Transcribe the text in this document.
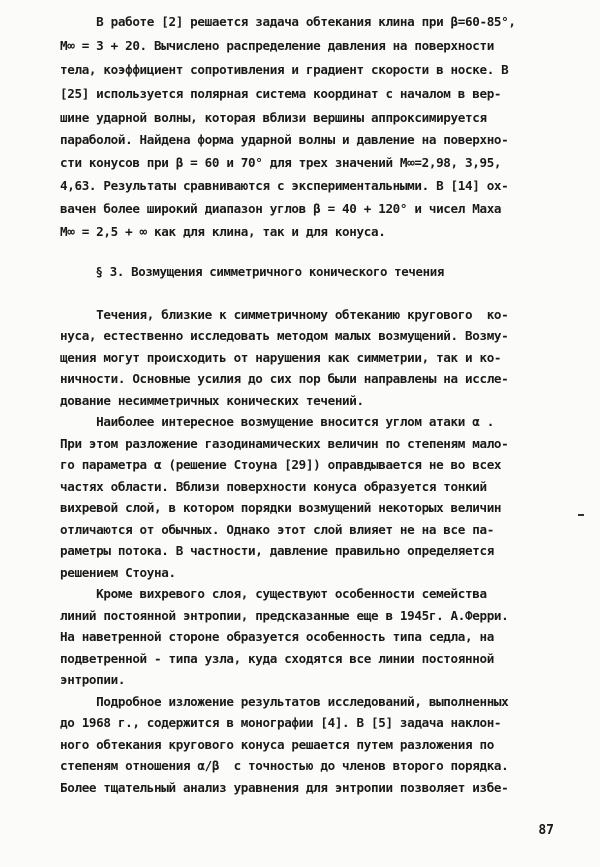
В работе [2] решается задача обтекания клина при β=60-85°,
M∞ = 3 + 20. Вычислено распределение давления на поверхности
тела, коэффициент сопротивления и градиент скорости в носке. В
[25] используется полярная система координат с началом в вер-
шине ударной волны, которая вблизи вершины аппроксимируется
параболой. Найдена форма ударной волны и давление на поверхно-
сти конусов при β = 60 и 70° для трех значений M∞=2,98, 3,95,
4,63. Результаты сравниваются с экспериментальными. В [14] ох-
вачен более широкий диапазон углов β = 40 + 120° и чисел Маха
M∞ = 2,5 + ∞ как для клина, так и для конуса.
§ 3. Возмущения симметричного конического течения
Течения, близкие к симметричному обтеканию кругового  ко-
нуса, естественно исследовать методом малых возмущений. Возму-
щения могут происходить от нарушения как симметрии, так и ко-
ничности. Основные усилия до сих пор были направлены на иссле-
дование несимметричных конических течений.
Наиболее интересное возмущение вносится углом атаки α .
При этом разложение газодинамических величин по степеням мало-
го параметра α (решение Стоуна [29]) оправдывается не во всех
частях области. Вблизи поверхности конуса образуется тонкий
вихревой слой, в котором порядки возмущений некоторых величин
отличаются от обычных. Однако этот слой влияет не на все па-
раметры потока. В частности, давление правильно определяется
решением Стоуна.
Кроме вихревого слоя, существуют особенности семейства
линий постоянной энтропии, предсказанные еще в 1945г. А.Ферри.
На наветренной стороне образуется особенность типа седла, на
подветренной - типа узла, куда сходятся все линии постоянной
энтропии.
Подробное изложение результатов исследований, выполненных
до 1968 г., содержится в монографии [4]. В [5] задача наклон-
ного обтекания кругового конуса решается путем разложения по
степеням отношения α/β  с точностью до членов второго порядка.
Более тщательный анализ уравнения для энтропии позволяет избе-
87
